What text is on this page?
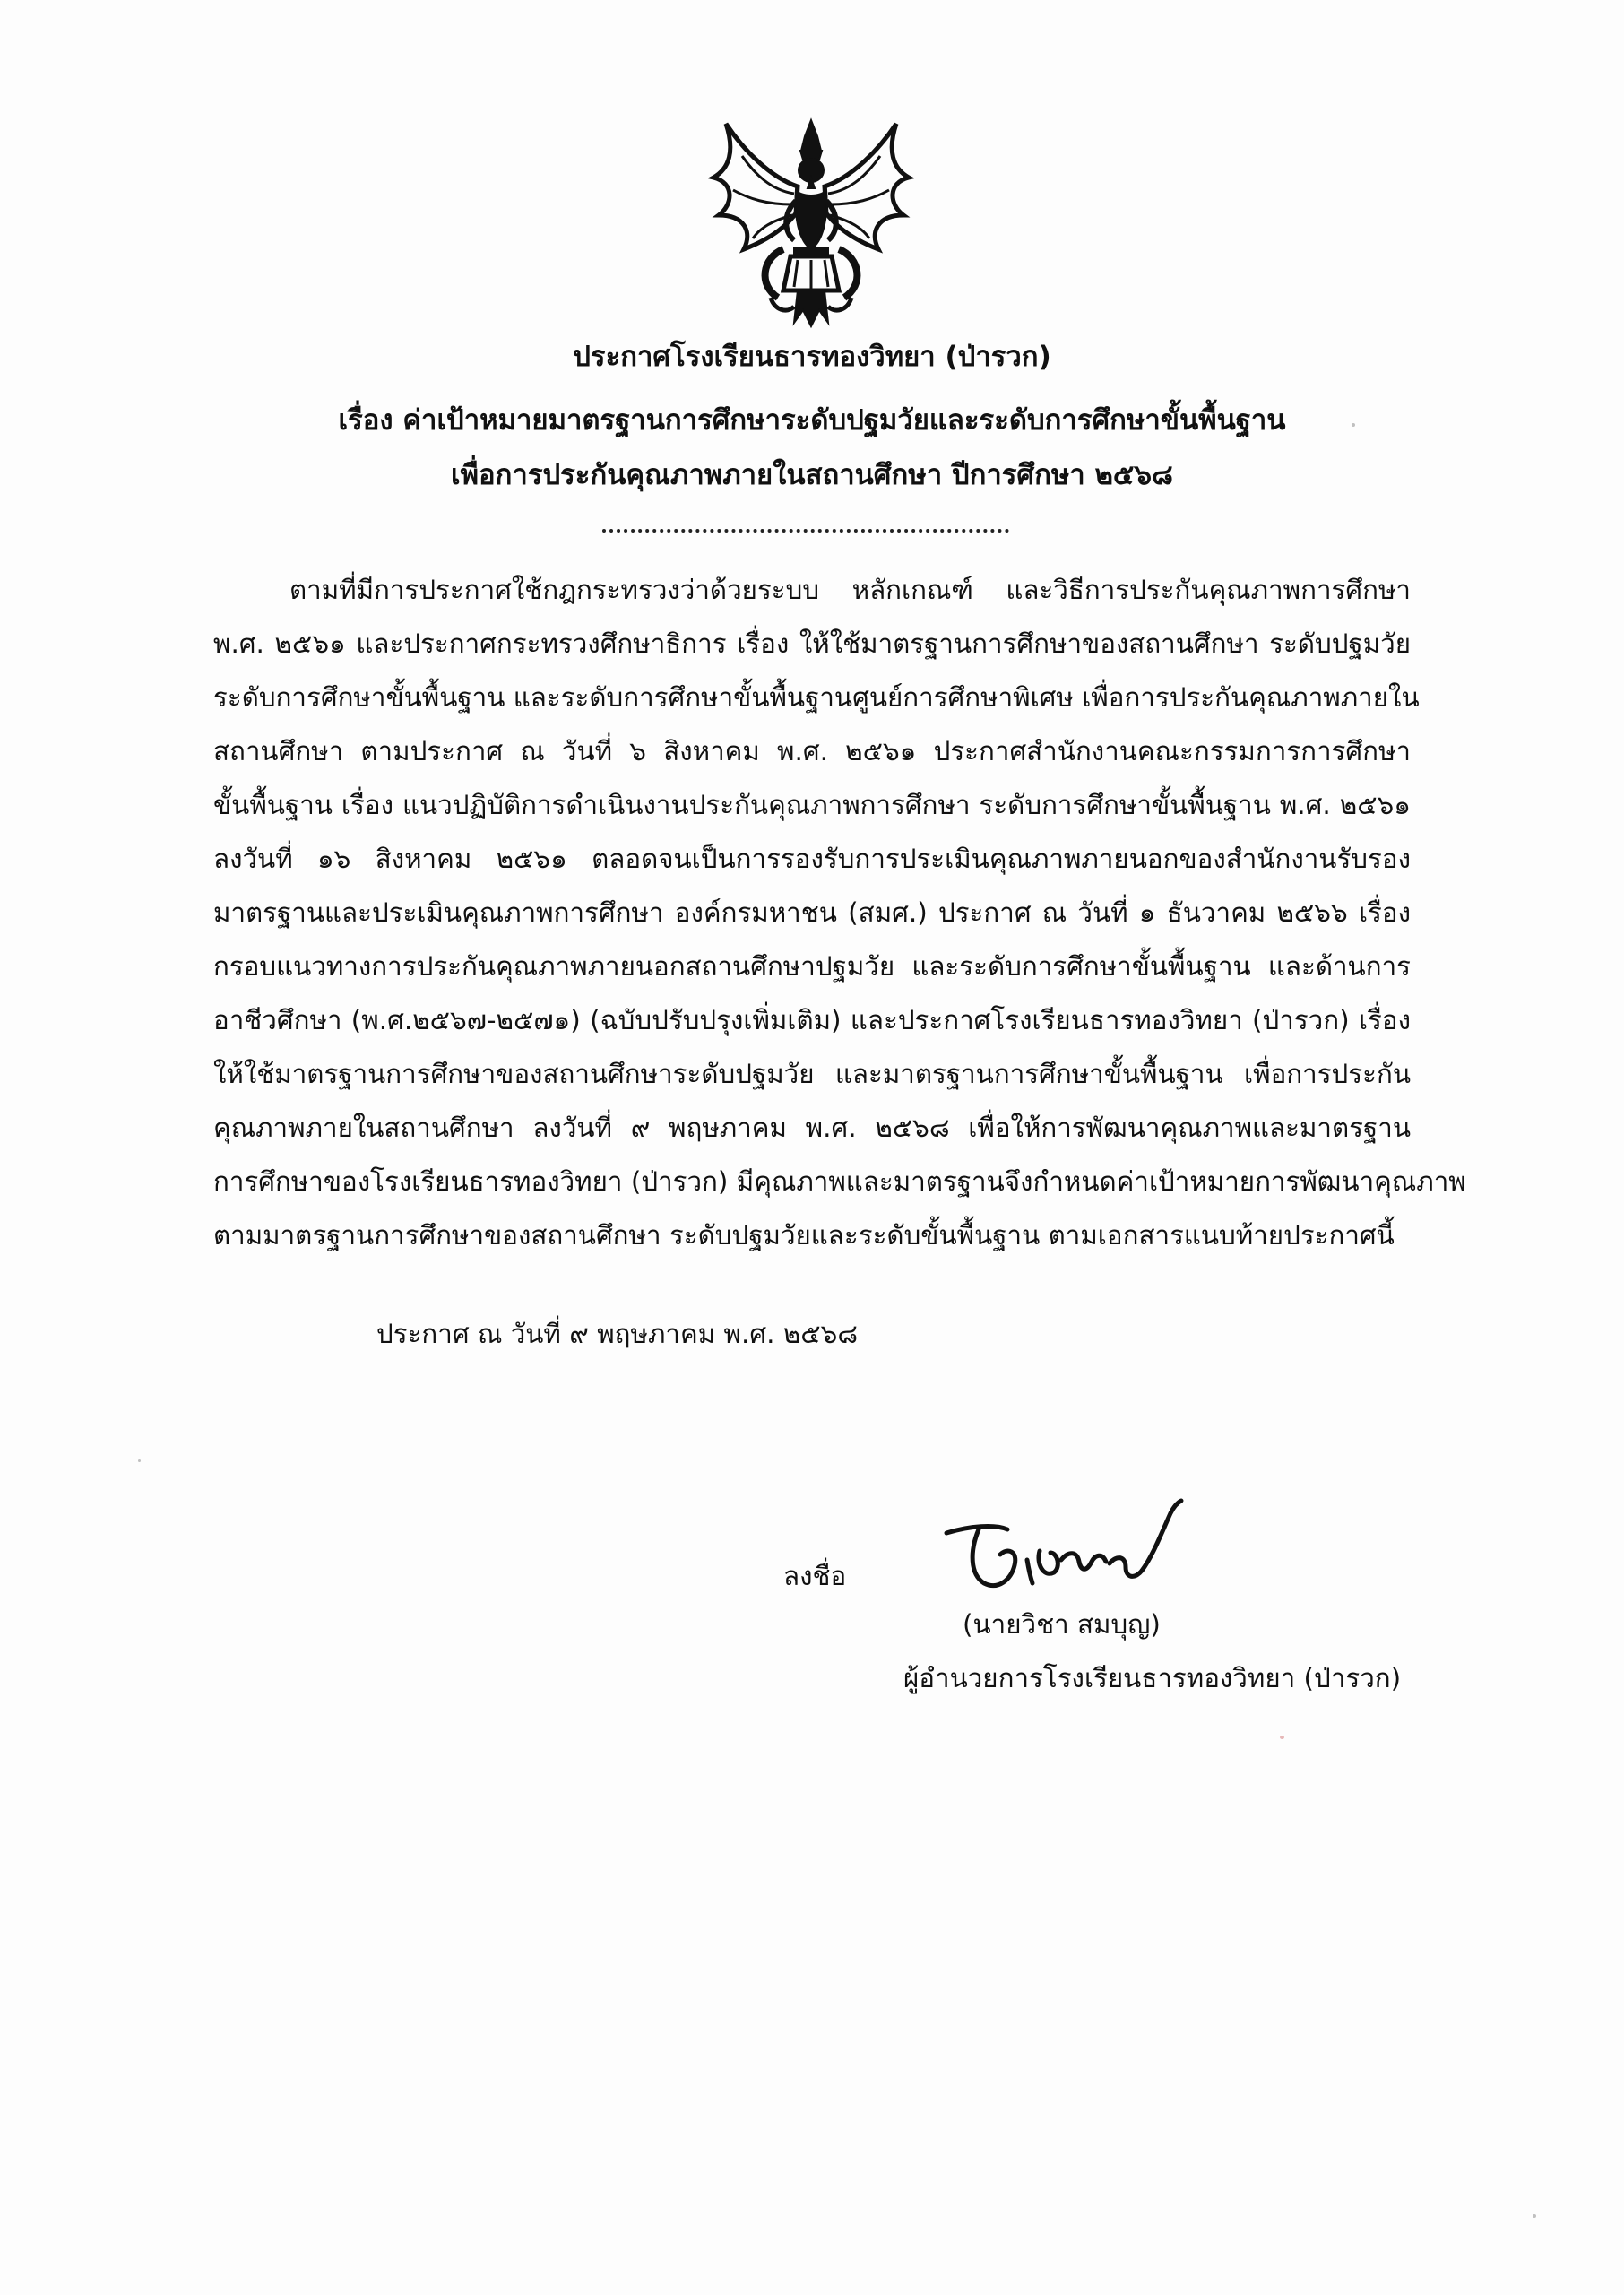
ประกาศโรงเรียนธารทองวิทยา (ป่ารวก)
เรื่อง ค่าเป้าหมายมาตรฐานการศึกษาระดับปฐมวัยและระดับการศึกษาขั้นพื้นฐาน
เพื่อการประกันคุณภาพภายในสถานศึกษา ปีการศึกษา ๒๕๖๘
ตามที่มีการประกาศใช้กฎกระทรวงว่าด้วยระบบ หลักเกณฑ์ และวิธีการประกันคุณภาพการศึกษา
พ.ศ. ๒๕๖๑ และประกาศกระทรวงศึกษาธิการ เรื่อง ให้ใช้มาตรฐานการศึกษาของสถานศึกษา ระดับปฐมวัย
ระดับการศึกษาขั้นพื้นฐาน และระดับการศึกษาขั้นพื้นฐานศูนย์การศึกษาพิเศษ เพื่อการประกันคุณภาพภายใน
สถานศึกษา ตามประกาศ ณ วันที่ ๖ สิงหาคม พ.ศ. ๒๕๖๑ ประกาศสำนักงานคณะกรรมการการศึกษา
ขั้นพื้นฐาน เรื่อง แนวปฏิบัติการดำเนินงานประกันคุณภาพการศึกษา ระดับการศึกษาขั้นพื้นฐาน พ.ศ. ๒๕๖๑
ลงวันที่ ๑๖ สิงหาคม ๒๕๖๑ ตลอดจนเป็นการรองรับการประเมินคุณภาพภายนอกของสำนักงานรับรอง
มาตรฐานและประเมินคุณภาพการศึกษา องค์กรมหาชน (สมศ.) ประกาศ ณ วันที่ ๑ ธันวาคม ๒๕๖๖ เรื่อง
กรอบแนวทางการประกันคุณภาพภายนอกสถานศึกษาปฐมวัย และระดับการศึกษาขั้นพื้นฐาน และด้านการ
อาชีวศึกษา (พ.ศ.๒๕๖๗-๒๕๗๑) (ฉบับปรับปรุงเพิ่มเติม) และประกาศโรงเรียนธารทองวิทยา (ป่ารวก) เรื่อง
ให้ใช้มาตรฐานการศึกษาของสถานศึกษาระดับปฐมวัย และมาตรฐานการศึกษาขั้นพื้นฐาน เพื่อการประกัน
คุณภาพภายในสถานศึกษา ลงวันที่ ๙ พฤษภาคม พ.ศ. ๒๕๖๘ เพื่อให้การพัฒนาคุณภาพและมาตรฐาน
การศึกษาของโรงเรียนธารทองวิทยา (ป่ารวก) มีคุณภาพและมาตรฐานจึงกำหนดค่าเป้าหมายการพัฒนาคุณภาพ
ตามมาตรฐานการศึกษาของสถานศึกษา ระดับปฐมวัยและระดับขั้นพื้นฐาน ตามเอกสารแนบท้ายประกาศนี้
ประกาศ ณ วันที่ ๙ พฤษภาคม พ.ศ. ๒๕๖๘
ลงชื่อ
(นายวิชา สมบุญ)
ผู้อำนวยการโรงเรียนธารทองวิทยา (ป่ารวก)
